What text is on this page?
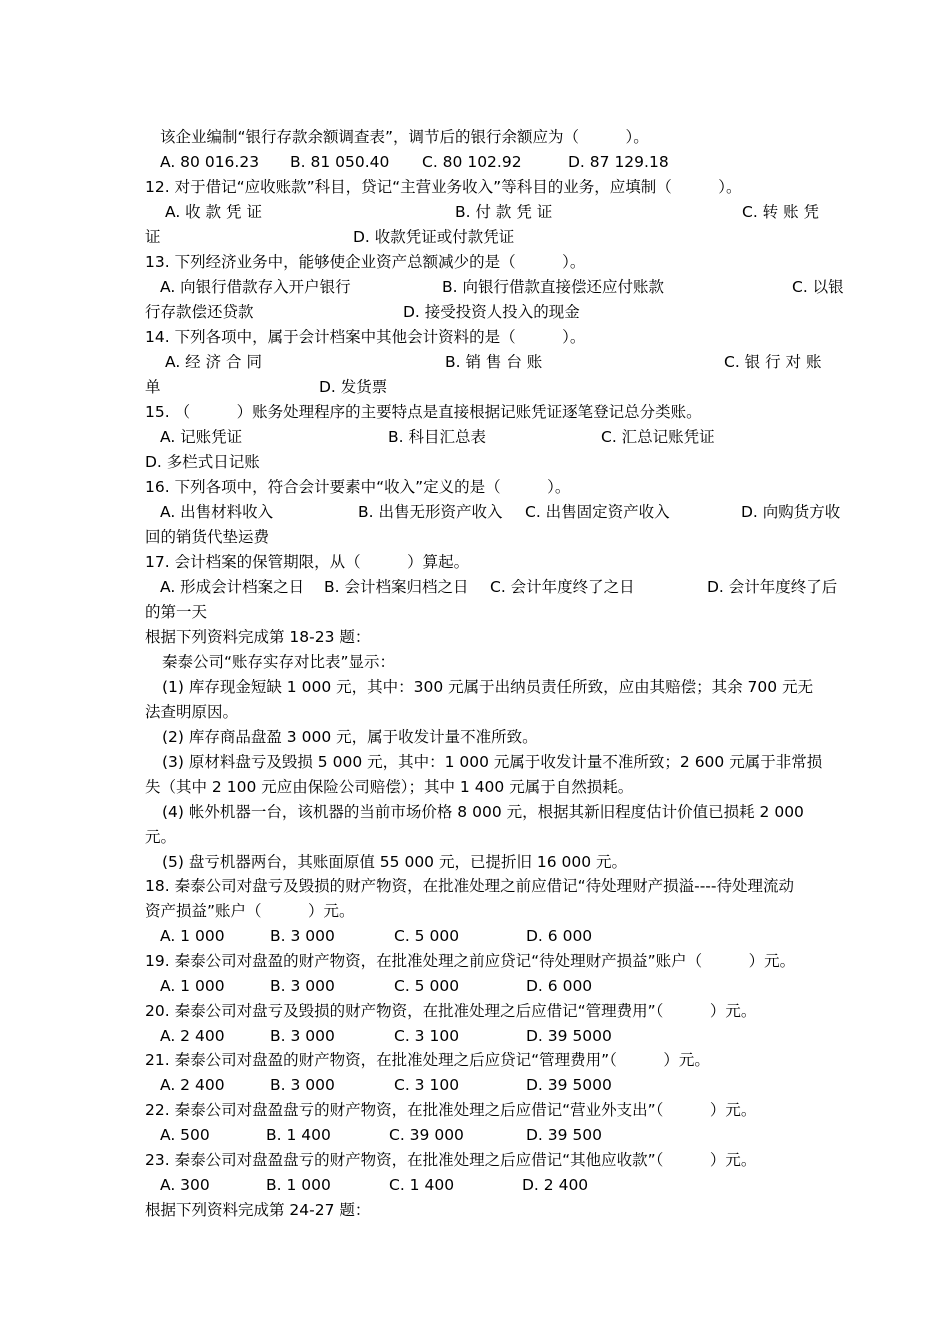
该企业编制“银行存款余额调查表”，调节后的银行余额应为（　　　）。
A. 80 016.23 B. 81 050.40 C. 80 102.92	D. 87 129.18
12. 对于借记“应收账款”科目，贷记“主营业务收入”等科目的业务，应填制（　　　）。
A. 收 款 凭 证	B. 付 款 凭 证	C. 转 账 凭
证	D. 收款凭证或付款凭证
13. 下列经济业务中，能够使企业资产总额减少的是（　　　）。
A. 向银行借款存入开户银行	B. 向银行借款直接偿还应付账款	C. 以银
行存款偿还贷款	D. 接受投资人投入的现金
14. 下列各项中，属于会计档案中其他会计资料的是（　　　）。
A. 经 济 合 同	B. 销 售 台 账	C. 银 行 对 账
单	D. 发货票
15. （　　　）账务处理程序的主要特点是直接根据记账凭证逐笔登记总分类账。
A. 记账凭证	B. 科目汇总表	C. 汇总记账凭证
D. 多栏式日记账
16. 下列各项中，符合会计要素中“收入”定义的是（　　　）。
A. 出售材料收入	B. 出售无形资产收入 C. 出售固定资产收入	D. 向购货方收
回的销货代垫运费
17. 会计档案的保管期限，从（　　　）算起。
A. 形成会计档案之日 B. 会计档案归档之日 C. 会计年度终了之日	D. 会计年度终了后
的第一天
根据下列资料完成第 18-23 题：
秦泰公司“账存实存对比表”显示：
(1) 库存现金短缺 1 000 元，其中：300 元属于出纳员责任所致，应由其赔偿；其余 700 元无
法查明原因。
(2) 库存商品盘盈 3 000 元，属于收发计量不准所致。
(3) 原材料盘亏及毁损 5 000 元，其中：1 000 元属于收发计量不准所致；2 600 元属于非常损
失（其中 2 100 元应由保险公司赔偿）；其中 1 400 元属于自然损耗。
(4) 帐外机器一台，该机器的当前市场价格 8 000 元，根据其新旧程度估计价值已损耗 2 000
元。
(5) 盘亏机器两台，其账面原值 55 000 元，已提折旧 16 000 元。
18. 秦泰公司对盘亏及毁损的财产物资，在批准处理之前应借记“待处理财产损溢----待处理流动
资产损益”账户（　　　）元。
A. 1 000	B. 3 000	C. 5 000	D. 6 000
19. 秦泰公司对盘盈的财产物资，在批准处理之前应贷记“待处理财产损益”账户（　　　）元。
A. 1 000	B. 3 000	C. 5 000	D. 6 000
20. 秦泰公司对盘亏及毁损的财产物资，在批准处理之后应借记“管理费用”（　　　）元。
A. 2 400	B. 3 000	C. 3 100	D. 39 5000
21. 秦泰公司对盘盈的财产物资，在批准处理之后应贷记“管理费用”（　　　）元。
A. 2 400	B. 3 000	C. 3 100	D. 39 5000
22. 秦泰公司对盘盈盘亏的财产物资，在批准处理之后应借记“营业外支出”（　　　）元。
A. 500	B. 1 400	C. 39 000	D. 39 500
23. 秦泰公司对盘盈盘亏的财产物资，在批准处理之后应借记“其他应收款”（　　　）元。
A. 300	B. 1 000	C. 1 400	D. 2 400
根据下列资料完成第 24-27 题：
